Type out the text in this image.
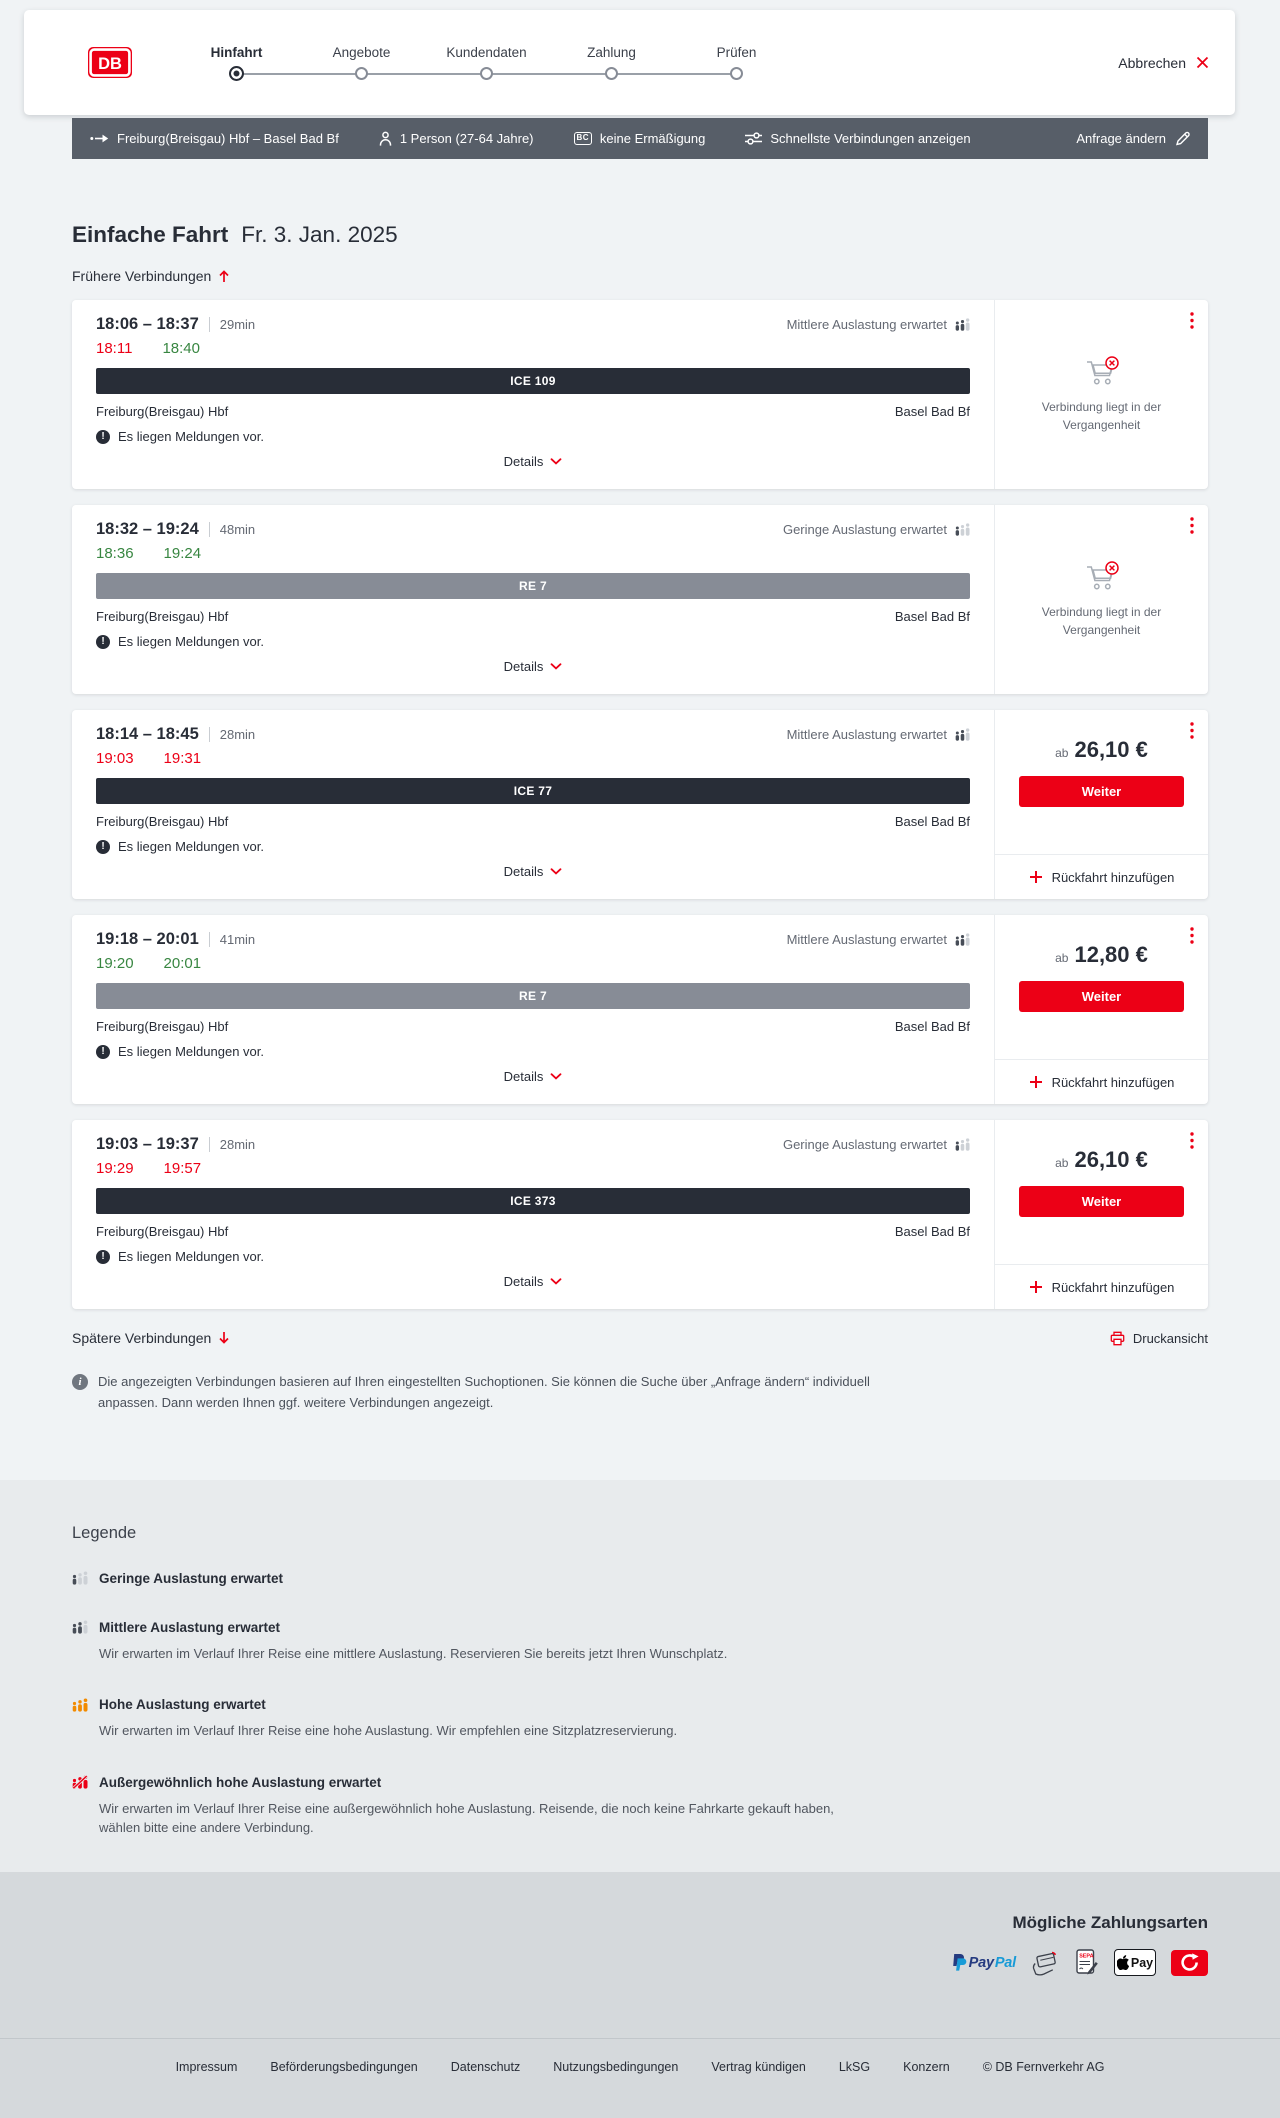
DB
Hinfahrt	Angebote	Kundendaten	Zahlung	Prüfen
Abbrechen
Freiburg(Breisgau) Hbf – Basel Bad Bf	1 Person (27-64 Jahre)	BC keine Ermäßigung	Schnellste Verbindungen anzeigen	Anfrage ändern
Einfache Fahrt Fr. 3. Jan. 2025
Frühere Verbindungen
18:06 – 18:37 29min	Mittlere Auslastung erwartet
18:11 18:40
ICE 109
Freiburg(Breisgau) Hbf	Basel Bad Bf
!	Es liegen Meldungen vor.
Details
Verbindung liegt in der Vergangenheit
18:32 – 19:24 48min	Geringe Auslastung erwartet
18:36 19:24
RE 7
Freiburg(Breisgau) Hbf	Basel Bad Bf
!	Es liegen Meldungen vor.
Details
Verbindung liegt in der Vergangenheit
18:14 – 18:45 28min	Mittlere Auslastung erwartet
19:03 19:31
ICE 77
Freiburg(Breisgau) Hbf	Basel Bad Bf
!	Es liegen Meldungen vor.
Details
ab 26,10 €
Weiter
Rückfahrt hinzufügen
19:18 – 20:01 41min	Mittlere Auslastung erwartet
19:20 20:01
RE 7
Freiburg(Breisgau) Hbf	Basel Bad Bf
!	Es liegen Meldungen vor.
Details
ab 12,80 €
Weiter
Rückfahrt hinzufügen
19:03 – 19:37 28min	Geringe Auslastung erwartet
19:29 19:57
ICE 373
Freiburg(Breisgau) Hbf	Basel Bad Bf
!	Es liegen Meldungen vor.
Details
ab 26,10 €
Weiter
Rückfahrt hinzufügen
Spätere Verbindungen	Druckansicht
i	Die angezeigten Verbindungen basieren auf Ihren eingestellten Suchoptionen. Sie können die Suche über „Anfrage ändern“ individuell anpassen. Dann werden Ihnen ggf. weitere Verbindungen angezeigt.

Legende
Geringe Auslastung erwartet
Mittlere Auslastung erwartet

Wir erwarten im Verlauf Ihrer Reise eine mittlere Auslastung. Reservieren Sie bereits jetzt Ihren Wunschplatz.

Hohe Auslastung erwartet

Wir erwarten im Verlauf Ihrer Reise eine hohe Auslastung. Wir empfehlen eine Sitzplatzreservierung.

Außergewöhnlich hohe Auslastung erwartet

Wir erwarten im Verlauf Ihrer Reise eine außergewöhnlich hohe Auslastung. Reisende, die noch keine Fahrkarte gekauft haben, wählen bitte eine andere Verbindung.

Mögliche Zahlungsarten
Pay Pal	SEPA	Pay
Impressum	Beförderungsbedingungen	Datenschutz	Nutzungsbedingungen	Vertrag kündigen	LkSG	Konzern	© DB Fernverkehr AG
